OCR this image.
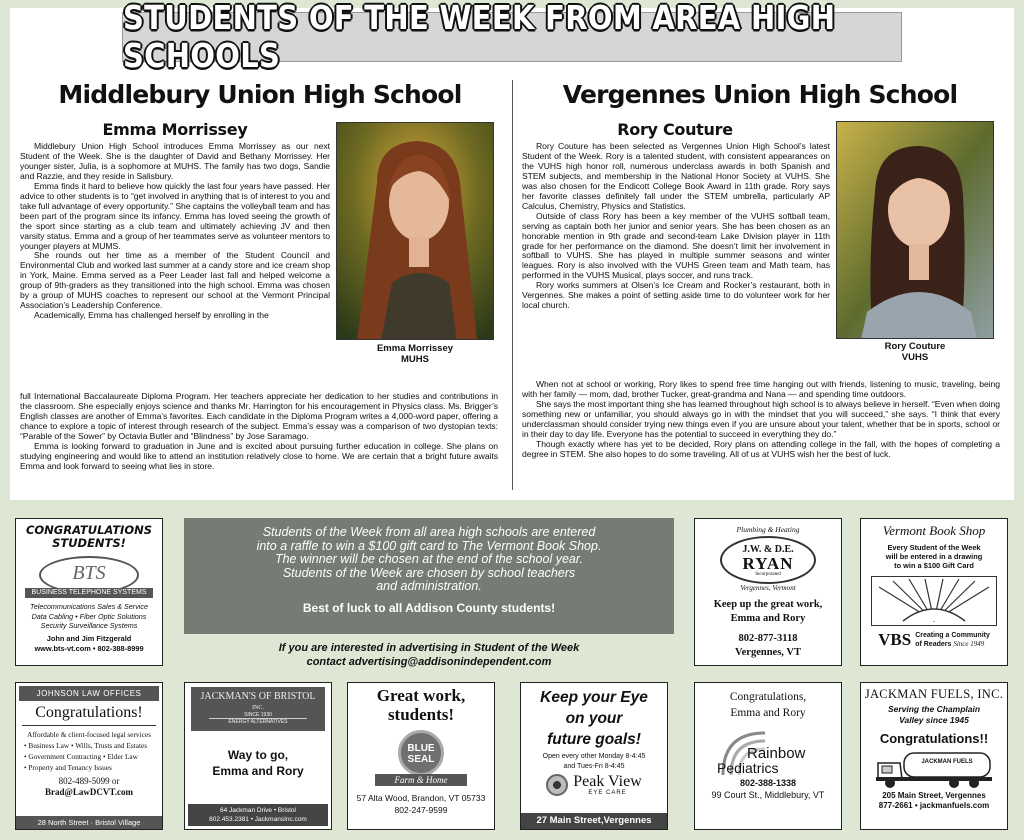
STUDENTS OF THE WEEK FROM AREA HIGH SCHOOLS
Middlebury Union High School
Emma Morrissey

Middlebury Union High School introduces Emma Morrissey as our next Student of the Week. She is the daughter of David and Bethany Morrissey. Her younger sister, Julia, is a sophomore at MUHS. The family has two dogs, Sandie and Razzie, and they reside in Salisbury.

Emma finds it hard to believe how quickly the last four years have passed. Her advice to other students is to “get involved in anything that is of interest to you and take full advantage of every opportunity.” She captains the volleyball team and has been part of the program since its infancy. Emma has loved seeing the growth of the sport since starting as a club team and ultimately achieving JV and then varsity status. Emma and a group of her teammates serve as volunteer mentors to younger players at MUMS.

She rounds out her time as a member of the Student Council and Environmental Club and worked last summer at a candy store and ice cream shop in York, Maine. Emma served as a Peer Leader last fall and helped welcome a group of 9th-graders as they transitioned into the high school. Emma was chosen by a group of MUHS coaches to represent our school at the Vermont Principal Association’s Leadership Conference.

Academically, Emma has challenged herself by enrolling in the

full International Baccalaureate Diploma Program. Her teachers appreciate her dedication to her studies and contributions in the classroom. She especially enjoys science and thanks Mr. Harrington for his encouragement in Physics class. Ms. Brigger’s English classes are another of Emma’s favorites. Each candidate in the Diploma Program writes a 4,000-word paper, offering a chance to explore a topic of interest through research of the subject. Emma’s essay was a comparison of two dystopian texts: “Parable of the Sower” by Octavia Butler and “Blindness” by Jose Saramago.

Emma is looking forward to graduation in June and is excited about pursuing further education in college. She plans on studying engineering and would like to attend an institution relatively close to home. We are certain that a bright future awaits Emma and look forward to seeing what lies in store.

Emma Morrissey
MUHS
Vergennes Union High School
Rory Couture

Rory Couture has been selected as Vergennes Union High School’s latest Student of the Week. Rory is a talented student, with consistent appearances on the VUHS high honor roll, numerous underclass awards in both Spanish and STEM subjects, and membership in the National Honor Society at VUHS. She was also chosen for the Endicott College Book Award in 11th grade. Rory says her favorite classes definitely fall under the STEM umbrella, particularly AP Calculus, Chemistry, Physics and Statistics.

Outside of class Rory has been a key member of the VUHS softball team, serving as captain both her junior and senior years. She has been chosen as an honorable mention in 9th grade and second-team Lake Division player in 11th grade for her performance on the diamond. She doesn’t limit her involvement in softball to VUHS. She has played in multiple summer seasons and winter leagues. Rory is also involved with the VUHS Green team and Math team, has performed in the VUHS Musical, plays soccer, and runs track.

Rory works summers at Olsen’s Ice Cream and Rocker’s restaurant, both in Vergennes. She makes a point of setting aside time to do volunteer work for her local church.

When not at school or working, Rory likes to spend free time hanging out with friends, listening to music, traveling, being with her family — mom, dad, brother Tucker, great-grandma and Nana — and spending time outdoors.

She says the most important thing she has learned throughout high school is to always believe in herself. “Even when doing something new or unfamiliar, you should always go in with the mindset that you will succeed,” she says. “I think that every underclassman should consider trying new things even if you are unsure about your talent, whether that be in sports, school or in their day to day life. Everyone has the potential to succeed in everything they do.”

Though exactly where has yet to be decided, Rory plans on attending college in the fall, with the hopes of completing a degree in STEM. She also hopes to do some traveling. All of us at VUHS wish her the best of luck.

Rory Couture
VUHS
Students of the Week from all area high schools are entered
into a raffle to win a $100 gift card to The Vermont Book Shop.
The winner will be chosen at the end of the school year.
Students of the Week are chosen by school teachers
and administration.
Best of luck to all Addison County students!
If you are interested in advertising in Student of the Week
contact advertising@addisonindependent.com
CONGRATULATIONS
STUDENTS!
BTS
BUSINESS TELEPHONE SYSTEMS
Telecommunications Sales & Service
Data Cabling • Fiber Optic Solutions
Security Surveillance Systems
John and Jim Fitzgerald
www.bts-vt.com • 802-388-8999
Plumbing & Heating
J.W. & D.E.
RYAN
Incorporated
Vergennes, Vermont
Keep up the great work,
Emma and Rory
802-877-3118
Vergennes, VT
Vermont Book Shop
Every Student of the Week
will be entered in a drawing
to win a $100 Gift Card
VBS Creating a Community
of Readers Since 1949
JOHNSON LAW OFFICES
Congratulations!
Affordable & client-focused legal services
• Business Law • Wills, Trusts and Estates
• Government Contracting • Elder Law
• Property and Tenancy Issues
802-489-5099 or
Brad@LawDCVT.com
28 North Street · Bristol Village
JACKMAN'S OF BRISTOL
INC.
SINCE 1930
ENERGY ALTERNATIVES
Way to go,
Emma and Rory
64 Jackman Drive • Bristol
802.453.2381 • JackmansInc.com
Great work,
students!
BLUE
SEAL
Farm & Home
57 Alta Wood, Brandon, VT 05733
802-247-9599
Keep your Eye
on your
future goals!
Open every other Monday 8-4:45
and Tues-Fri 8-4:45
Peak View
EYE CARE
27 Main Street,Vergennes
Congratulations,
Emma and Rory
Rainbow
Pediatrics
802-388-1338
99 Court St., Middlebury, VT
JACKMAN FUELS, INC.
Serving the Champlain
Valley since 1945
Congratulations!!
JACKMAN FUELS
205 Main Street, Vergennes
877-2661 • jackmanfuels.com
